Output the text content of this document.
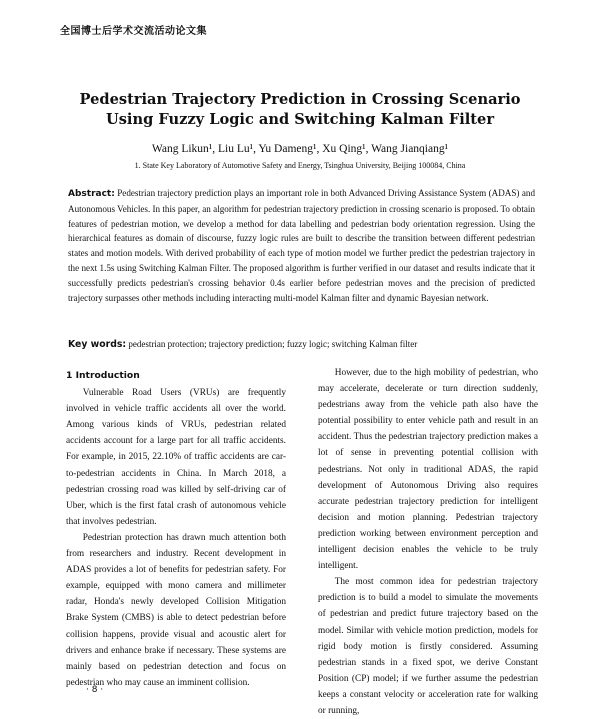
全国博士后学术交流活动论文集
Pedestrian Trajectory Prediction in Crossing Scenario
Using Fuzzy Logic and Switching Kalman Filter
Wang Likun¹, Liu Lu¹, Yu Dameng¹, Xu Qing¹, Wang Jianqiang¹
1. State Key Laboratory of Automotive Safety and Energy, Tsinghua University, Beijing 100084, China
Abstract: Pedestrian trajectory prediction plays an important role in both Advanced Driving Assistance System (ADAS) and Autonomous Vehicles. In this paper, an algorithm for pedestrian trajectory prediction in crossing scenario is proposed. To obtain features of pedestrian motion, we develop a method for data labelling and pedestrian body orientation regression. Using the hierarchical features as domain of discourse, fuzzy logic rules are built to describe the transition between different pedestrian states and motion models. With derived probability of each type of motion model we further predict the pedestrian trajectory in the next 1.5s using Switching Kalman Filter. The proposed algorithm is further verified in our dataset and results indicate that it successfully predicts pedestrian's crossing behavior 0.4s earlier before pedestrian moves and the precision of predicted trajectory surpasses other methods including interacting multi-model Kalman filter and dynamic Bayesian network.
Key words: pedestrian protection; trajectory prediction; fuzzy logic; switching Kalman filter
1 Introduction

Vulnerable Road Users (VRUs) are frequently involved in vehicle traffic accidents all over the world. Among various kinds of VRUs, pedestrian related accidents account for a large part for all traffic accidents. For example, in 2015, 22.10% of traffic accidents are car-to-pedestrian accidents in China. In March 2018, a pedestrian crossing road was killed by self-driving car of Uber, which is the first fatal crash of autonomous vehicle that involves pedestrian.

Pedestrian protection has drawn much attention both from researchers and industry. Recent development in ADAS provides a lot of benefits for pedestrian safety. For example, equipped with mono camera and millimeter radar, Honda's newly developed Collision Mitigation Brake System (CMBS) is able to detect pedestrian before collision happens, provide visual and acoustic alert for drivers and enhance brake if necessary. These systems are mainly based on pedestrian detection and focus on pedestrian who may cause an imminent collision.

However, due to the high mobility of pedestrian, who may accelerate, decelerate or turn direction suddenly, pedestrians away from the vehicle path also have the potential possibility to enter vehicle path and result in an accident. Thus the pedestrian trajectory prediction makes a lot of sense in preventing potential collision with pedestrians. Not only in traditional ADAS, the rapid development of Autonomous Driving also requires accurate pedestrian trajectory prediction for intelligent decision and motion planning. Pedestrian trajectory prediction working between environment perception and intelligent decision enables the vehicle to be truly intelligent.

The most common idea for pedestrian trajectory prediction is to build a model to simulate the movements of pedestrian and predict future trajectory based on the model. Similar with vehicle motion prediction, models for rigid body motion is firstly considered. Assuming pedestrian stands in a fixed spot, we derive Constant Position (CP) model; if we further assume the pedestrian keeps a constant velocity or acceleration rate for walking or running,

· 8 ·
